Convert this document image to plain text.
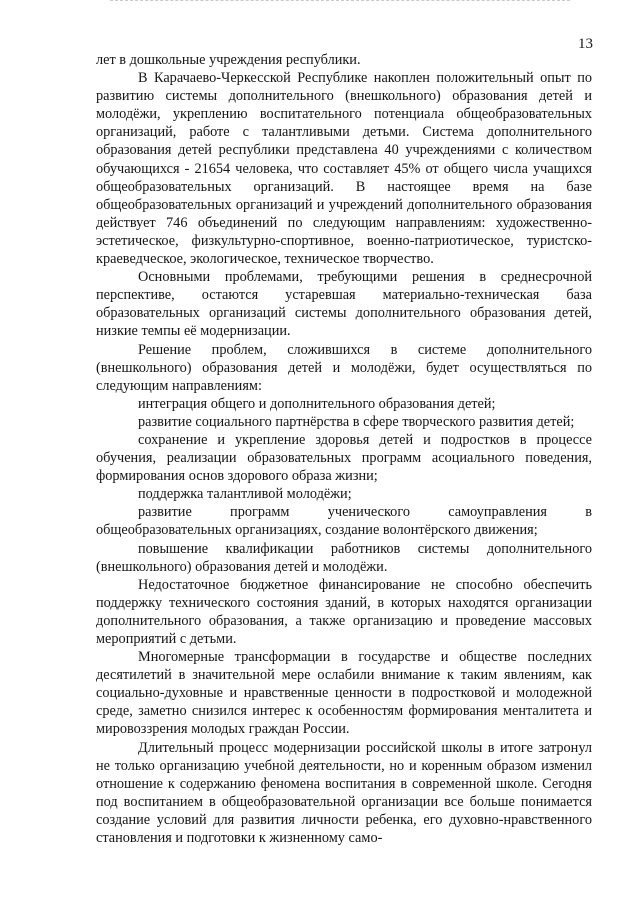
13

лет в дошкольные учреждения республики.

В Карачаево-Черкесской Республике накоплен положительный опыт по развитию системы дополнительного (внешкольного) образования детей и молодёжи, укреплению воспитательного потенциала общеобразовательных организаций, работе с талантливыми детьми. Система дополнительного образования детей республики представлена 40 учреждениями с количеством обучающихся - 21654 человека, что составляет 45% от общего числа учащихся общеобразовательных организаций. В настоящее время на базе общеобразовательных организаций и учреждений дополнительного образования действует 746 объединений по следующим направлениям: художественно-эстетическое, физкультурно-спортивное, военно-патриотическое, туристско-краеведческое, экологическое, техническое творчество.

Основными проблемами, требующими решения в среднесрочной перспективе, остаются устаревшая материально-техническая база образовательных организаций системы дополнительного образования детей, низкие темпы её модернизации.

Решение проблем, сложившихся в системе дополнительного (внешкольного) образования детей и молодёжи, будет осуществляться по следующим направлениям:

интеграция общего и дополнительного образования детей;

развитие социального партнёрства в сфере творческого развития детей;

сохранение и укрепление здоровья детей и подростков в процессе обучения, реализации образовательных программ асоциального поведения, формирования основ здорового образа жизни;

поддержка талантливой молодёжи;

развитие программ ученического самоуправления в общеобразовательных организациях, создание волонтёрского движения;

повышение квалификации работников системы дополнительного (внешкольного) образования детей и молодёжи.

Недостаточное бюджетное финансирование не способно обеспечить поддержку технического состояния зданий, в которых находятся организации дополнительного образования, а также организацию и проведение массовых мероприятий с детьми.

Многомерные трансформации в государстве и обществе последних десятилетий в значительной мере ослабили внимание к таким явлениям, как социально-духовные и нравственные ценности в подростковой и молодежной среде, заметно снизился интерес к особенностям формирования менталитета и мировоззрения молодых граждан России.

Длительный процесс модернизации российской школы в итоге затронул не только организацию учебной деятельности, но и коренным образом изменил отношение к содержанию феномена воспитания в современной школе. Сегодня под воспитанием в общеобразовательной организации все больше понимается создание условий для развития личности ребенка, его духовно-нравственного становления и подготовки к жизненному само-
